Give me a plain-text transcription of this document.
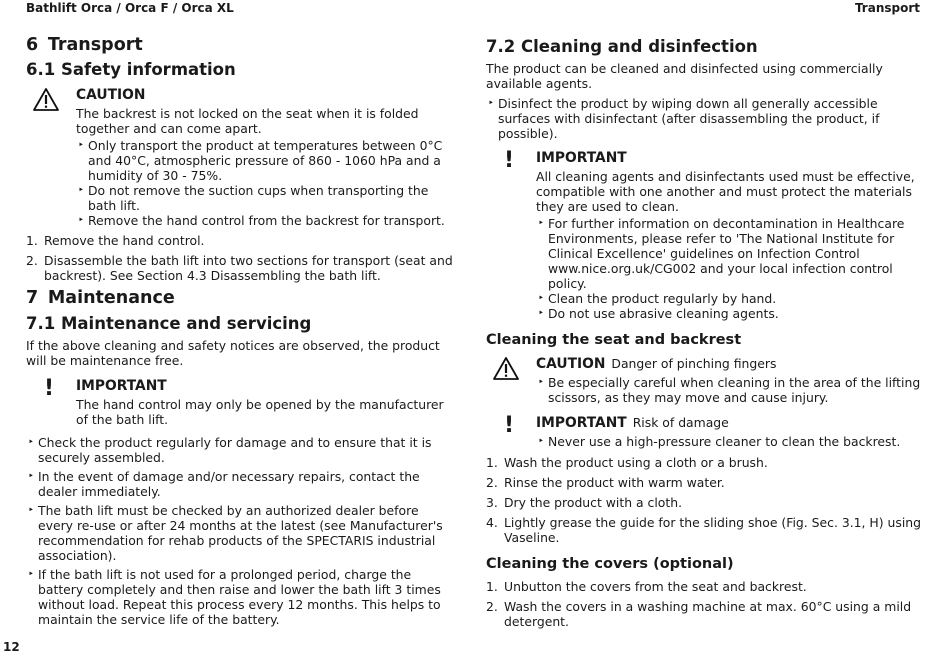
Bathlift Orca / Orca F / Orca XL	Transport
6 Transport
6.1 Safety information
CAUTION
The backrest is not locked on the seat when it is folded together and can come apart.
‣ Only transport the product at temperatures between 0°C and 40°C, atmospheric pressure of 860 - 1060 hPa and a humidity of 30 - 75%.
‣ Do not remove the suction cups when transporting the bath lift.
‣ Remove the hand control from the backrest for transport.
1. Remove the hand control.
2. Disassemble the bath lift into two sections for transport (seat and backrest). See Section 4.3 Disassembling the bath lift.
7 Maintenance
7.1 Maintenance and servicing
If the above cleaning and safety notices are observed, the product will be maintenance free.
! IMPORTANT
The hand control may only be opened by the manufacturer of the bath lift.
‣ Check the product regularly for damage and to ensure that it is securely assembled.
‣ In the event of damage and/or necessary repairs, contact the dealer immediately.
‣ The bath lift must be checked by an authorized dealer before every re-use or after 24 months at the latest (see Manufacturer's recommendation for rehab products of the SPECTARIS industrial association).
‣ If the bath lift is not used for a prolonged period, charge the battery completely and then raise and lower the bath lift 3 times without load. Repeat this process every 12 months. This helps to maintain the service life of the battery.
7.2 Cleaning and disinfection
The product can be cleaned and disinfected using commercially available agents.
‣ Disinfect the product by wiping down all generally accessible surfaces with disinfectant (after disassembling the product, if possible).
! IMPORTANT
All cleaning agents and disinfectants used must be effective, compatible with one another and must protect the materials they are used to clean.
‣ For further information on decontamination in Healthcare Environments, please refer to 'The National Institute for Clinical Excellence' guidelines on Infection Control www.nice.org.uk/CG002 and your local infection control policy.
‣ Clean the product regularly by hand.
‣ Do not use abrasive cleaning agents.
Cleaning the seat and backrest
CAUTION Danger of pinching fingers
‣ Be especially careful when cleaning in the area of the lifting scissors, as they may move and cause injury.
! IMPORTANT Risk of damage
‣ Never use a high-pressure cleaner to clean the backrest.
1. Wash the product using a cloth or a brush.
2. Rinse the product with warm water.
3. Dry the product with a cloth.
4. Lightly grease the guide for the sliding shoe (Fig. Sec. 3.1, H) using Vaseline.
Cleaning the covers (optional)
1. Unbutton the covers from the seat and backrest.
2. Wash the covers in a washing machine at max. 60°C using a mild detergent.
12
